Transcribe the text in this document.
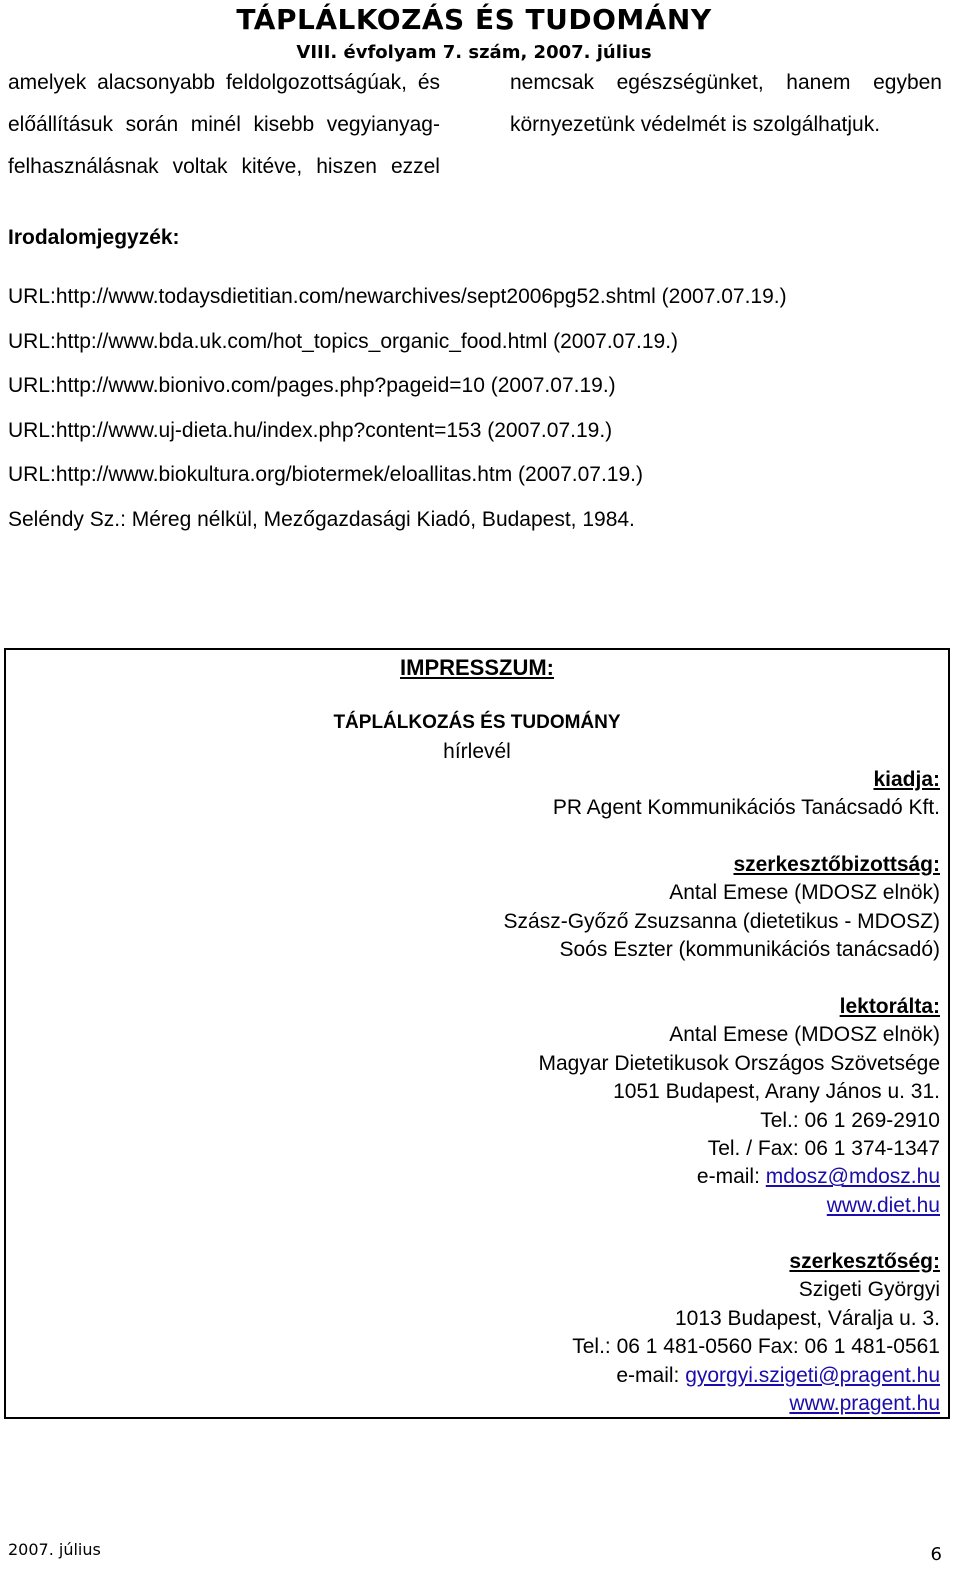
TÁPLÁLKOZÁS ÉS TUDOMÁNY
VIII. évfolyam 7. szám, 2007. július
amelyek alacsonyabb feldolgozottságúak, és
előállításuk során minél kisebb vegyianyag-
felhasználásnak voltak kitéve, hiszen ezzel
nemcsak egészségünket, hanem egyben
környezetünk védelmét is szolgálhatjuk.
Irodalomjegyzék:
URL:http://www.todaysdietitian.com/newarchives/sept2006pg52.shtml (2007.07.19.)
URL:http://www.bda.uk.com/hot_topics_organic_food.html (2007.07.19.)
URL:http://www.bionivo.com/pages.php?pageid=10 (2007.07.19.)
URL:http://www.uj-dieta.hu/index.php?content=153 (2007.07.19.)
URL:http://www.biokultura.org/biotermek/eloallitas.htm (2007.07.19.)
Seléndy Sz.: Méreg nélkül, Mezőgazdasági Kiadó, Budapest, 1984.
IMPRESSZUM:
TÁPLÁLKOZÁS ÉS TUDOMÁNY
hírlevél
kiadja:
PR Agent Kommunikációs Tanácsadó Kft.
szerkesztőbizottság:
Antal Emese (MDOSZ elnök)
Szász-Győző Zsuzsanna (dietetikus - MDOSZ)
Soós Eszter (kommunikációs tanácsadó)
lektorálta:
Antal Emese (MDOSZ elnök)
Magyar Dietetikusok Országos Szövetsége
1051 Budapest, Arany János u. 31.
Tel.: 06 1 269-2910
Tel. / Fax: 06 1 374-1347
e-mail: mdosz@mdosz.hu
www.diet.hu
szerkesztőség:
Szigeti Györgyi
1013 Budapest, Váralja u. 3.
Tel.: 06 1 481-0560 Fax: 06 1 481-0561
e-mail: gyorgyi.szigeti@pragent.hu
www.pragent.hu
2007. július	6
